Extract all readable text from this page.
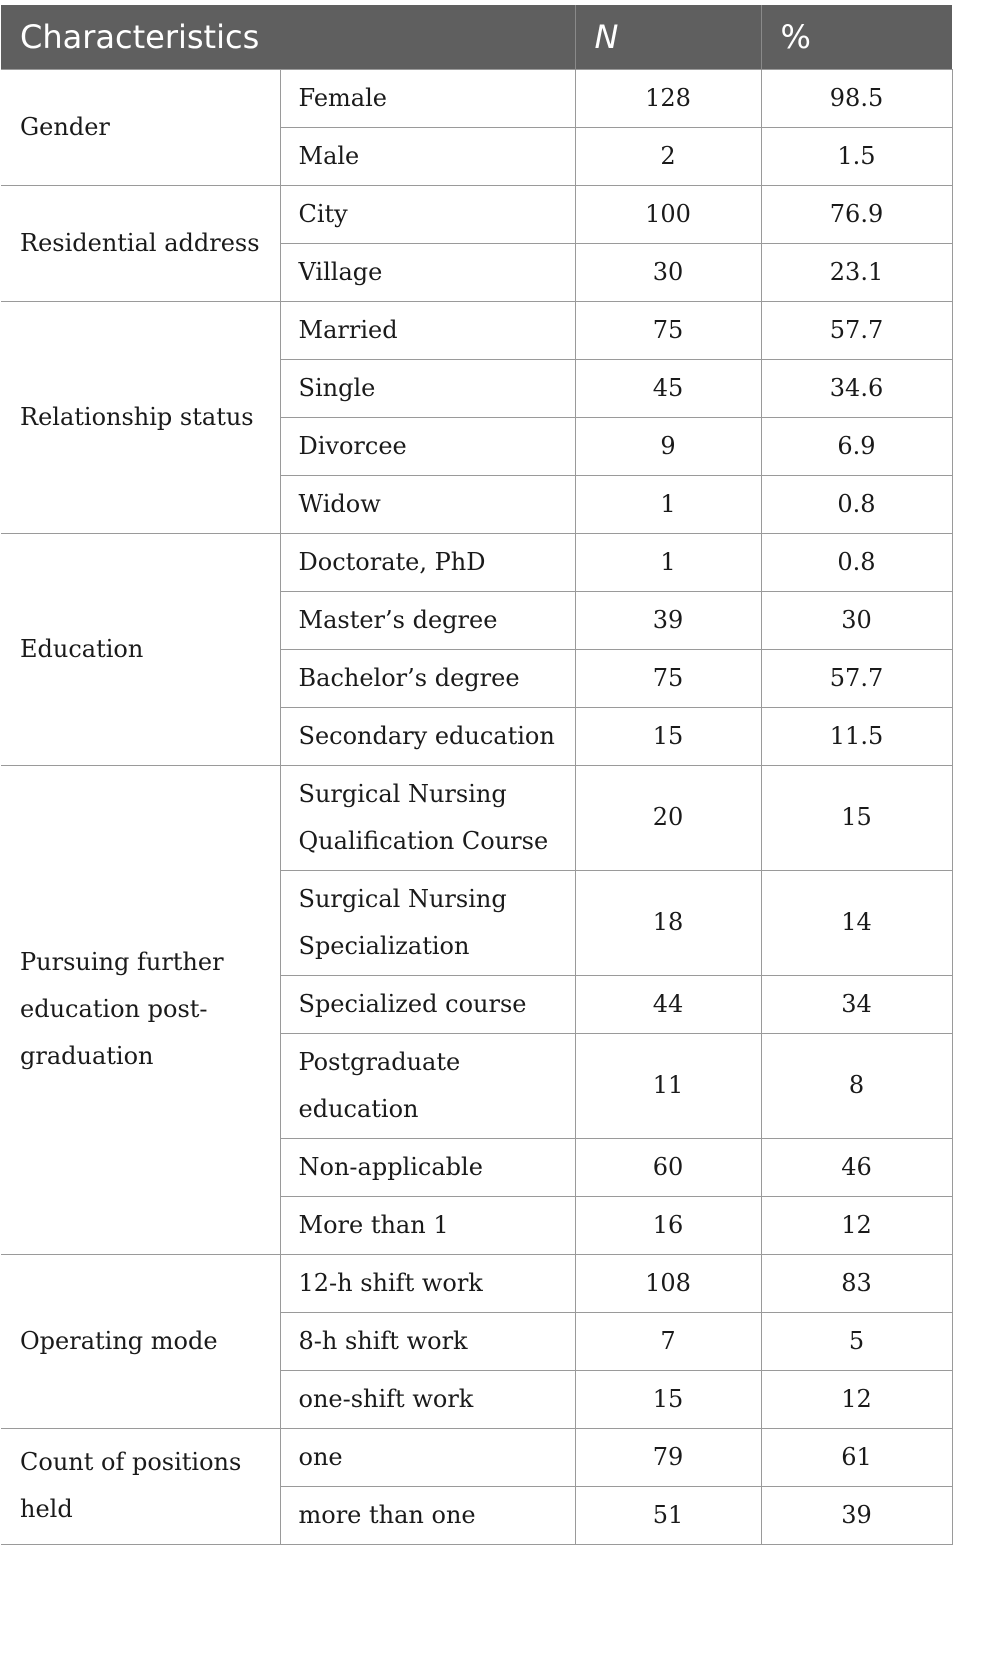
Characteristics		N	%
Gender	Female	128	98.5
	Male	2	1.5
Residential address	City	100	76.9
	Village	30	23.1
Relationship status	Married	75	57.7
	Single	45	34.6
	Divorcee	9	6.9
	Widow	1	0.8
Education	Doctorate, PhD	1	0.8
	Master’s degree	39	30
	Bachelor’s degree	75	57.7
	Secondary education	15	11.5
Pursuing further education post-graduation	Surgical Nursing Qualification Course	20	15
	Surgical Nursing Specialization	18	14
	Specialized course	44	34
	Postgraduate education	11	8
	Non-applicable	60	46
	More than 1	16	12
Operating mode	12-h shift work	108	83
	8-h shift work	7	5
	one-shift work	15	12
Count of positions held	one	79	61
	more than one	51	39
